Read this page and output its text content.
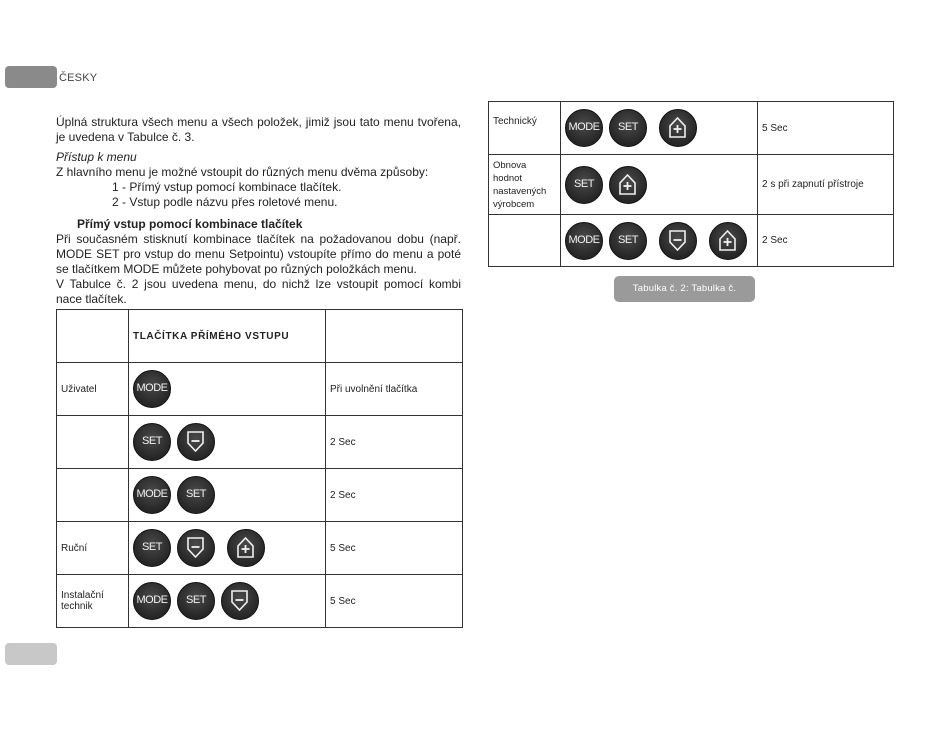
ČESKY
Úplná struktura všech menu a všech položek, jimiž jsou tato menu tvořena, je uvedena v Tabulce č. 3.
Přístup k menu
Z hlavního menu je možné vstoupit do různých menu dvěma způsoby:
1 - Přímý vstup pomocí kombinace tlačítek.
2 - Vstup podle názvu přes roletové menu.
Přímý vstup pomocí kombinace tlačítek
Při současném stisknutí kombinace tlačítek na požadovanou dobu (např. MODE SET pro vstup do menu Setpointu) vstoupíte přímo do menu a poté se tlačítkem MODE můžete pohybovat po různých položkách menu.
V Tabulce č. 2 jsou uvedena menu, do nichž lze vstoupit pomocí kombi nace tlačítek.
	TLAČÍTKA PŘÍMÉHO VSTUPU	
Uživatel	MODE	Při uvolnění tlačítka
	SET	2 Sec
	MODE SET	2 Sec
Ruční	SET	5 Sec
Instalační technik	MODE SET	5 Sec
Technický	MODE SET	5 Sec
Obnova hodnot nastavených výrobcem	SET	2 s při zapnutí přístroje
	MODE SET	2 Sec
Tabulka č. 2: Tabulka č.
